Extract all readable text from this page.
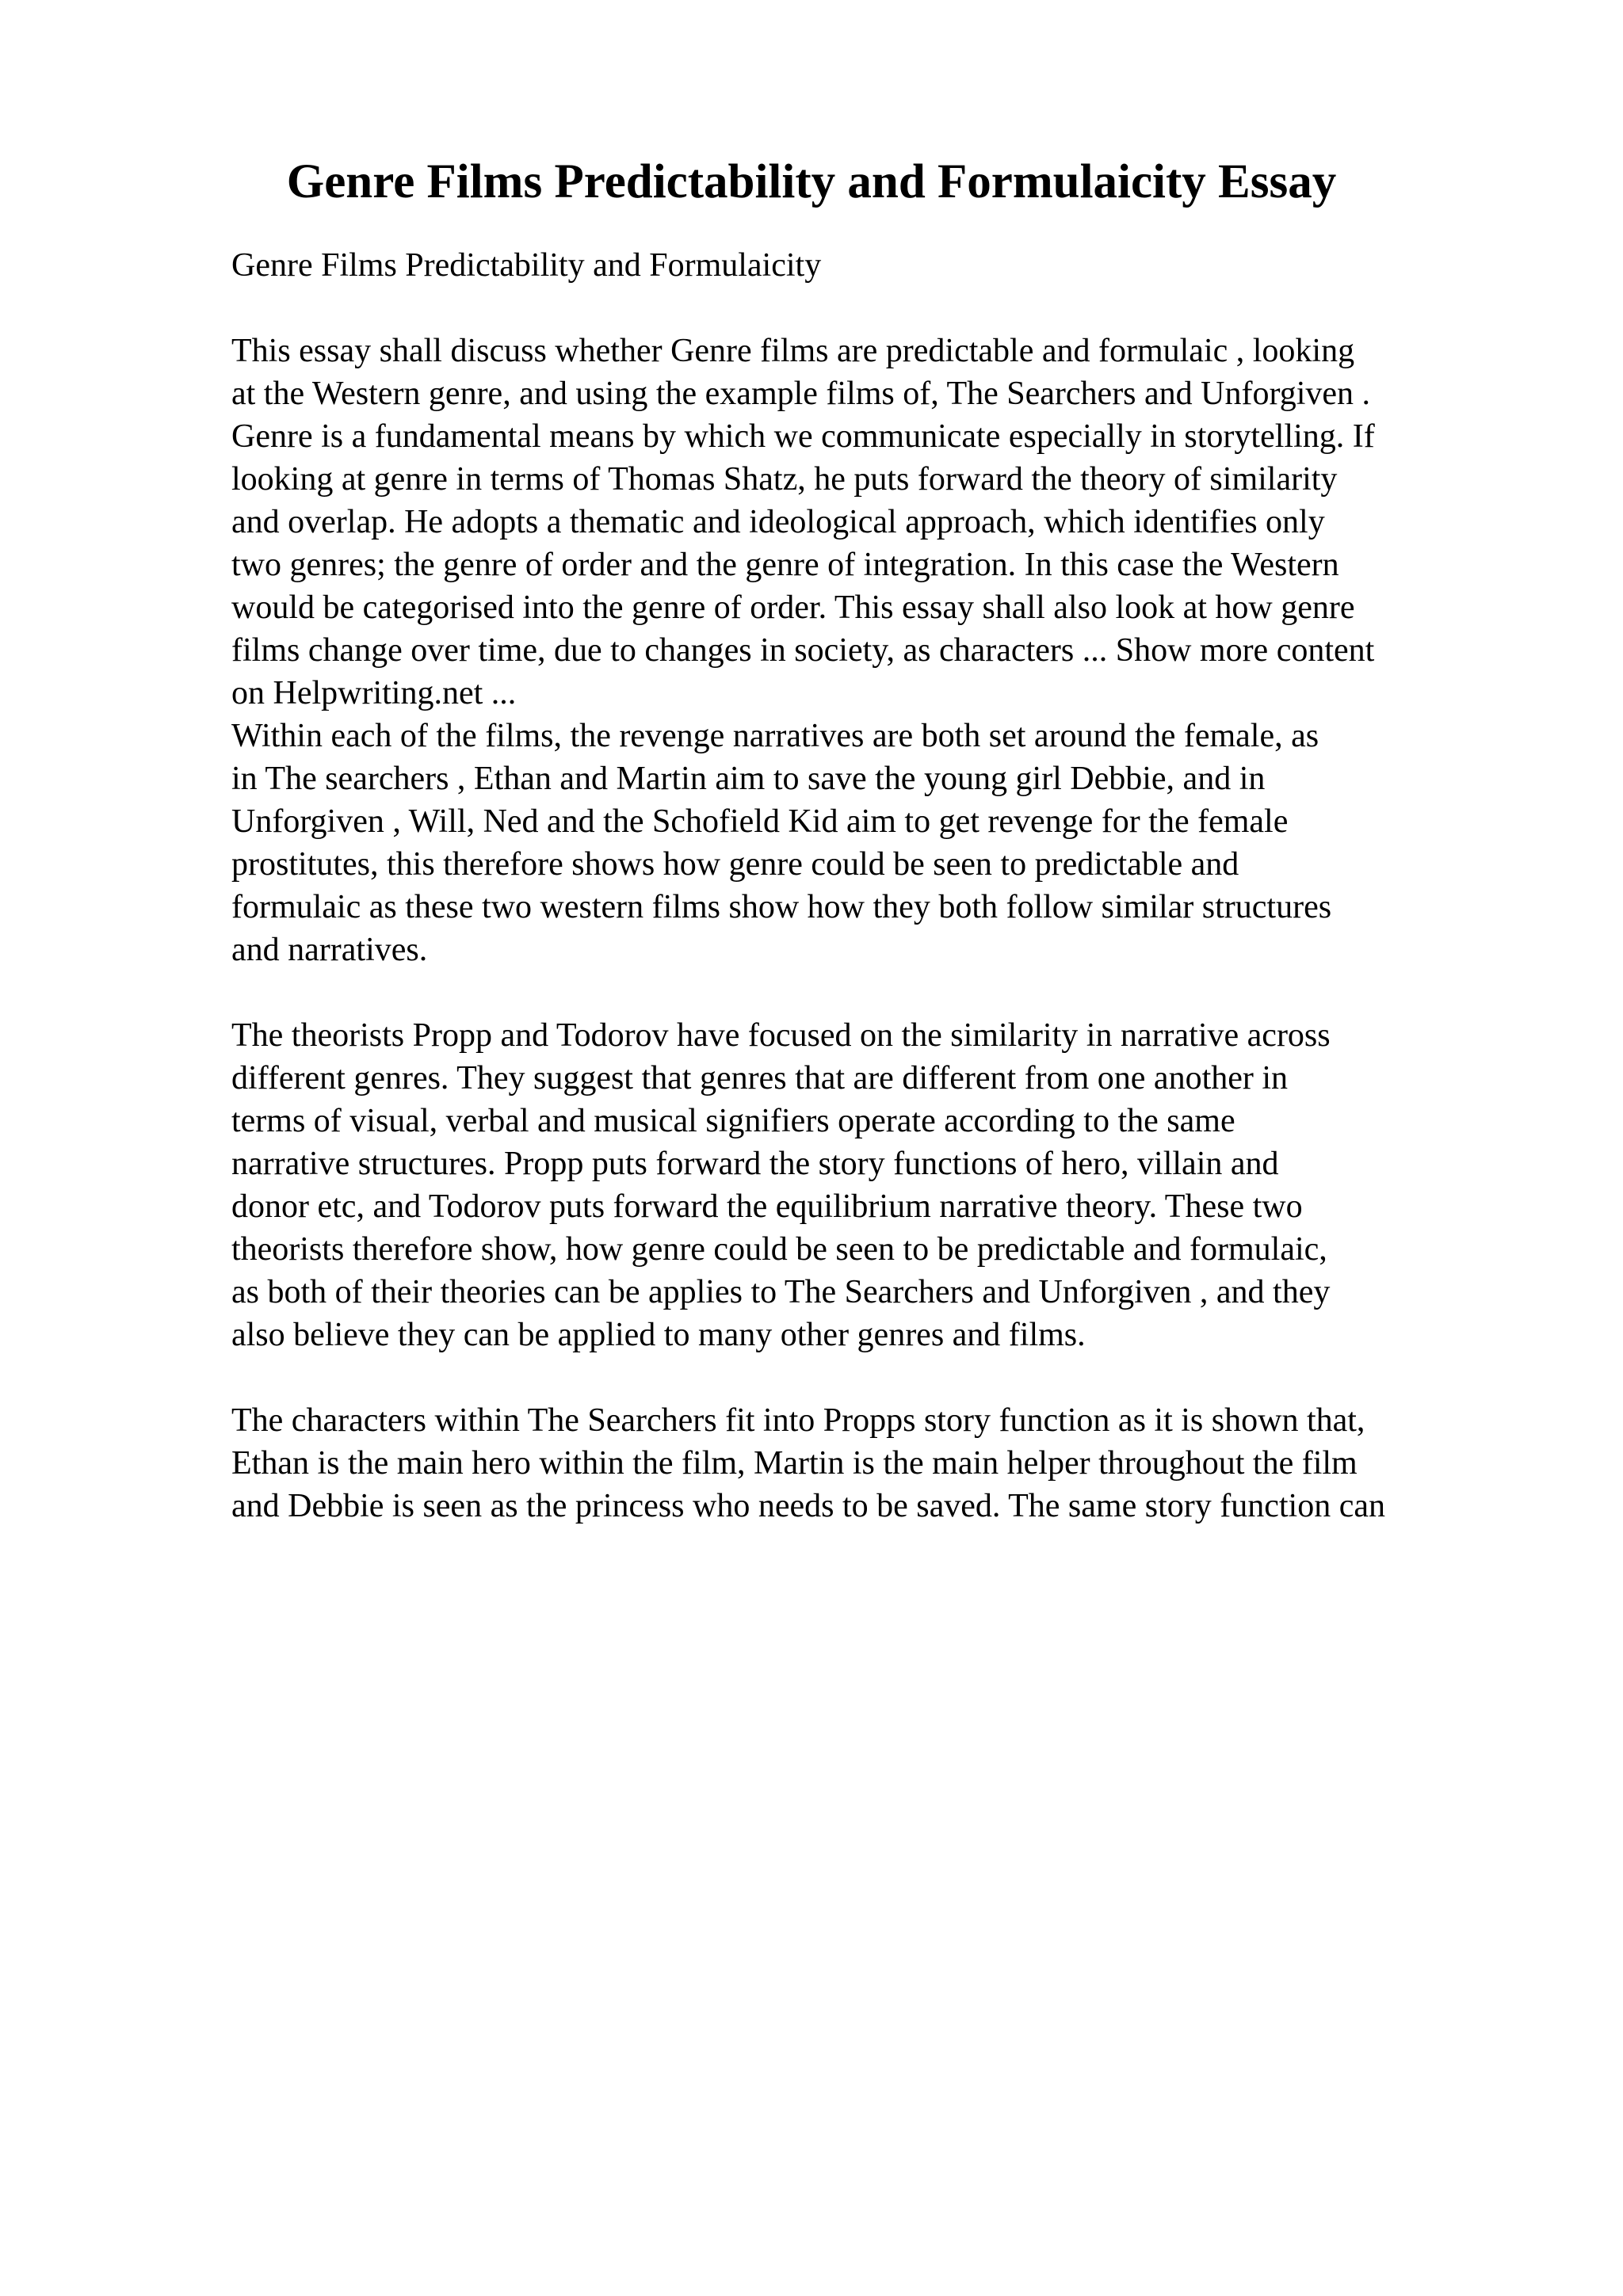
Genre Films Predictability and Formulaicity Essay
Genre Films Predictability and Formulaicity
This essay shall discuss whether Genre films are predictable and formulaic , looking
at the Western genre, and using the example films of, The Searchers and Unforgiven .
Genre is a fundamental means by which we communicate especially in storytelling. If
looking at genre in terms of Thomas Shatz, he puts forward the theory of similarity
and overlap. He adopts a thematic and ideological approach, which identifies only
two genres; the genre of order and the genre of integration. In this case the Western
would be categorised into the genre of order. This essay shall also look at how genre
films change over time, due to changes in society, as characters ... Show more content
on Helpwriting.net ...
Within each of the films, the revenge narratives are both set around the female, as
in The searchers , Ethan and Martin aim to save the young girl Debbie, and in
Unforgiven , Will, Ned and the Schofield Kid aim to get revenge for the female
prostitutes, this therefore shows how genre could be seen to predictable and
formulaic as these two western films show how they both follow similar structures
and narratives.
The theorists Propp and Todorov have focused on the similarity in narrative across
different genres. They suggest that genres that are different from one another in
terms of visual, verbal and musical signifiers operate according to the same
narrative structures. Propp puts forward the story functions of hero, villain and
donor etc, and Todorov puts forward the equilibrium narrative theory. These two
theorists therefore show, how genre could be seen to be predictable and formulaic,
as both of their theories can be applies to The Searchers and Unforgiven , and they
also believe they can be applied to many other genres and films.
The characters within The Searchers fit into Propps story function as it is shown that,
Ethan is the main hero within the film, Martin is the main helper throughout the film
and Debbie is seen as the princess who needs to be saved. The same story function can
